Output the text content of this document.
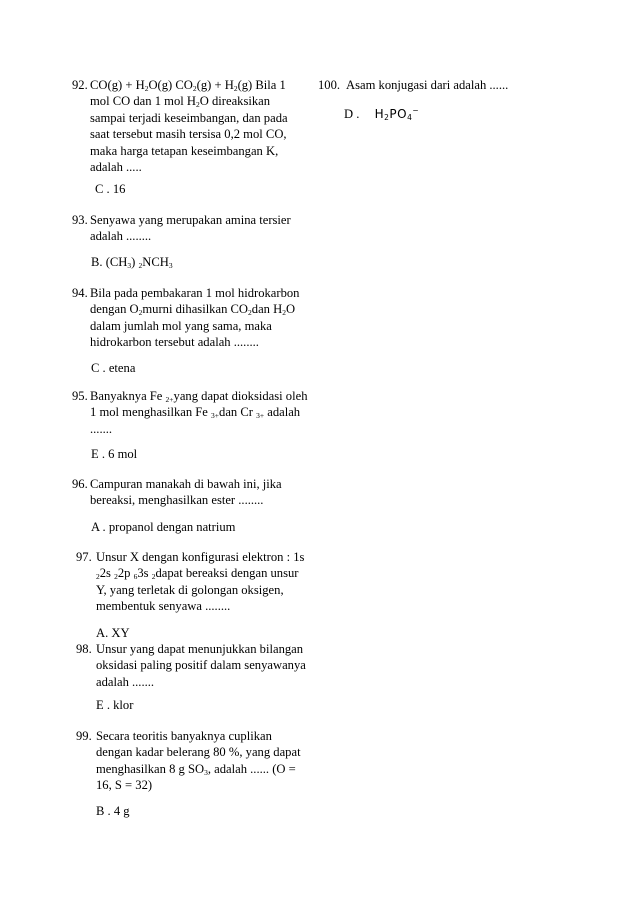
92. $CO(g) + H_2O(g) CO_2(g) + H_2(g)$ Bila 1
mol CO dan 1 mol $H_2O$ direaksikan
sampai terjadi keseimbangan, dan pada
saat tersebut masih tersisa 0,2 mol CO,
maka harga tetapan keseimbangan K,
adalah .....
C . 16
93. Senyawa yang merupakan amina tersier
adalah ........
B. $(CH_3)$ $_2NCH_3$
94. Bila pada pembakaran 1 mol hidrokarbon
dengan $O_2murni$ dihasilkan $CO_2dan$ $H_2O$
dalam jumlah mol yang sama, maka
hidrokarbon tersebut adalah ........
C . etena
95. Banyaknya Fe $_{2+}$yang dapat dioksidasi oleh
1 mol menghasilkan Fe $_{3+}$dan Cr $_{3+}$ adalah
.......
E . 6 mol
96. Campuran manakah di bawah ini, jika
bereaksi, menghasilkan ester ........
A . propanol dengan natrium
97. Unsur X dengan konfigurasi elektron : 1s
$_2$2s $_2$2p $_6$3s $_2$dapat bereaksi dengan unsur
Y, yang terletak di golongan oksigen,
membentuk senyawa ........
A. XY
98. Unsur yang dapat menunjukkan bilangan
oksidasi paling positif dalam senyawanya
adalah .......
E . klor
99. Secara teoritis banyaknya cuplikan
dengan kadar belerang 80 %, yang dapat
menghasilkan 8 g $SO_3$, adalah ...... (O =
16, S = 32)
B . 4 g
100. Asam konjugasi dari adalah ......
D . $H_2PO_4^-$
